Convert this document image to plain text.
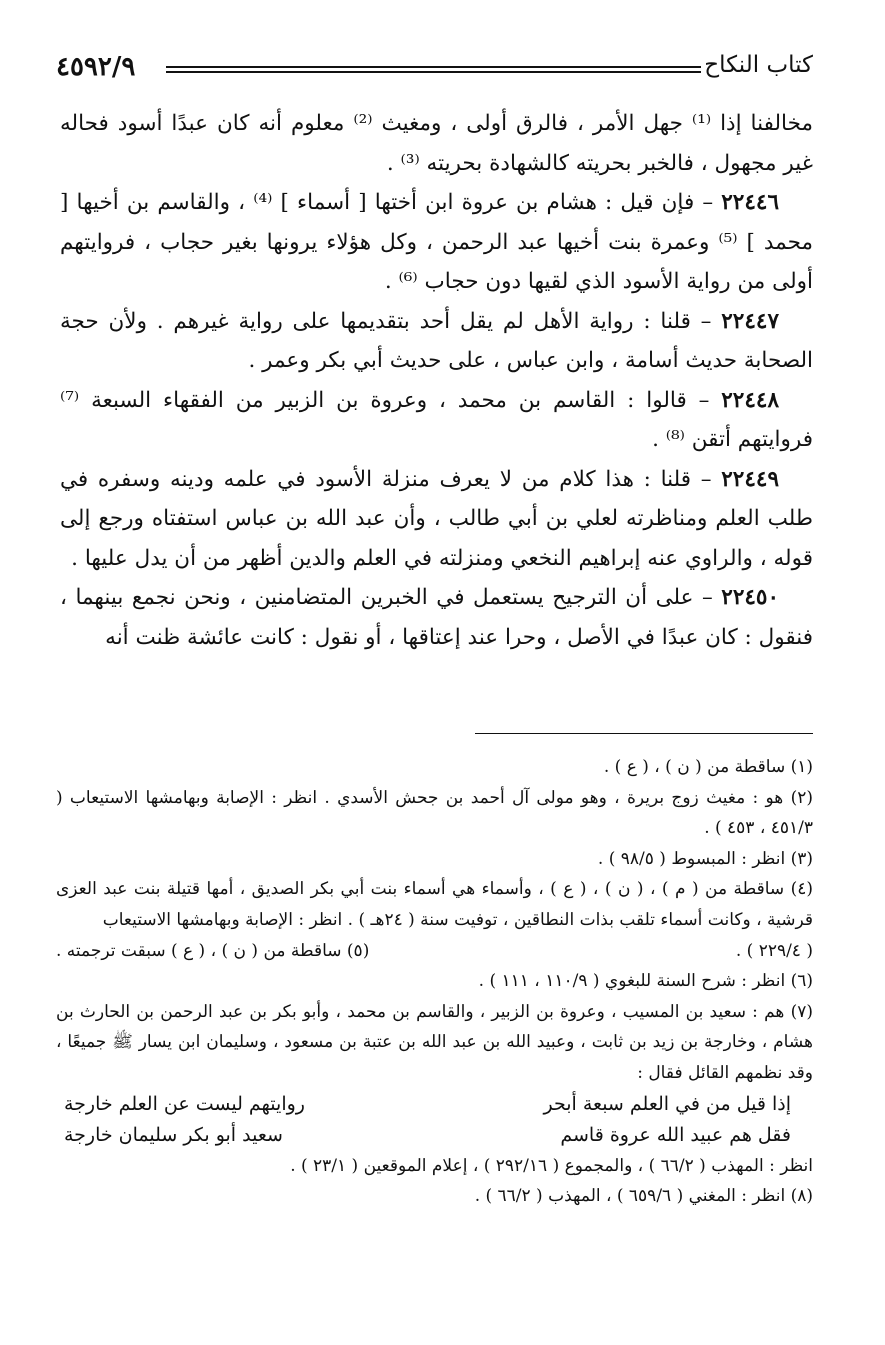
٤٥٩٢/٩	كتاب النكاح

مخالفنا إذا ⁽¹⁾ جهل الأمر ، فالرق أولى ، ومغيث ⁽²⁾ معلوم أنه كان عبدًا أسود فحاله غير مجهول ، فالخبر بحريته كالشهادة بحريته ⁽³⁾ .

٢٢٤٤٦ – فإن قيل : هشام بن عروة ابن أختها [ أسماء ] ⁽⁴⁾ ، والقاسم بن أخيها [ محمد ] ⁽⁵⁾ وعمرة بنت أخيها عبد الرحمن ، وكل هؤلاء يرونها بغير حجاب ، فروايتهم أولى من رواية الأسود الذي لقيها دون حجاب ⁽⁶⁾ .

٢٢٤٤٧ – قلنا : رواية الأهل لم يقل أحد بتقديمها على رواية غيرهم . ولأن حجة الصحابة حديث أسامة ، وابن عباس ، على حديث أبي بكر وعمر .

٢٢٤٤٨ – قالوا : القاسم بن محمد ، وعروة بن الزبير من الفقهاء السبعة ⁽⁷⁾ فروايتهم أتقن ⁽⁸⁾ .

٢٢٤٤٩ – قلنا : هذا كلام من لا يعرف منزلة الأسود في علمه ودينه وسفره في طلب العلم ومناظرته لعلي بن أبي طالب ، وأن عبد الله بن عباس استفتاه ورجع إلى قوله ، والراوي عنه إبراهيم النخعي ومنزلته في العلم والدين أظهر من أن يدل عليها .

٢٢٤٥٠ – على أن الترجيح يستعمل في الخبرين المتضامنين ، ونحن نجمع بينهما ، فنقول : كان عبدًا في الأصل ، وحرا عند إعتاقها ، أو نقول : كانت عائشة ظنت أنه

(١) ساقطة من ( ن ) ، ( ع ) .

(٢) هو : مغيث زوج بريرة ، وهو مولى آل أحمد بن جحش الأسدي . انظر : الإصابة وبهامشها الاستيعاب ( ٤٥١/٣ ، ٤٥٣ ) .

(٣) انظر : المبسوط ( ٩٨/٥ ) .

(٤) ساقطة من ( م ) ، ( ن ) ، ( ع ) ، وأسماء هي أسماء بنت أبي بكر الصديق ، أمها قتيلة بنت عبد العزى قرشية ، وكانت أسماء تلقب بذات النطاقين ، توفيت سنة ( ٢٤هـ ) . انظر : الإصابة وبهامشها الاستيعاب

( ٢٢٩/٤ ) .
(٥) ساقطة من ( ن ) ، ( ع ) سبقت ترجمته .

(٦) انظر : شرح السنة للبغوي ( ١١٠/٩ ، ١١١ ) .

(٧) هم : سعيد بن المسيب ، وعروة بن الزبير ، والقاسم بن محمد ، وأبو بكر بن عبد الرحمن بن الحارث بن هشام ، وخارجة بن زيد بن ثابت ، وعبيد الله بن عبد الله بن عتبة بن مسعود ، وسليمان ابن يسار ﷺ جميعًا ، وقد نظمهم القائل فقال :

إذا قيل من في العلم سبعة أبحر
روايتهم ليست عن العلم خارجة
فقل هم عبيد الله عروة قاسم
سعيد أبو بكر سليمان خارجة

انظر : المهذب ( ٦٦/٢ ) ، والمجموع ( ٢٩٢/١٦ ) ، إعلام الموقعين ( ٢٣/١ ) .

(٨) انظر : المغني ( ٦٥٩/٦ ) ، المهذب ( ٦٦/٢ ) .
